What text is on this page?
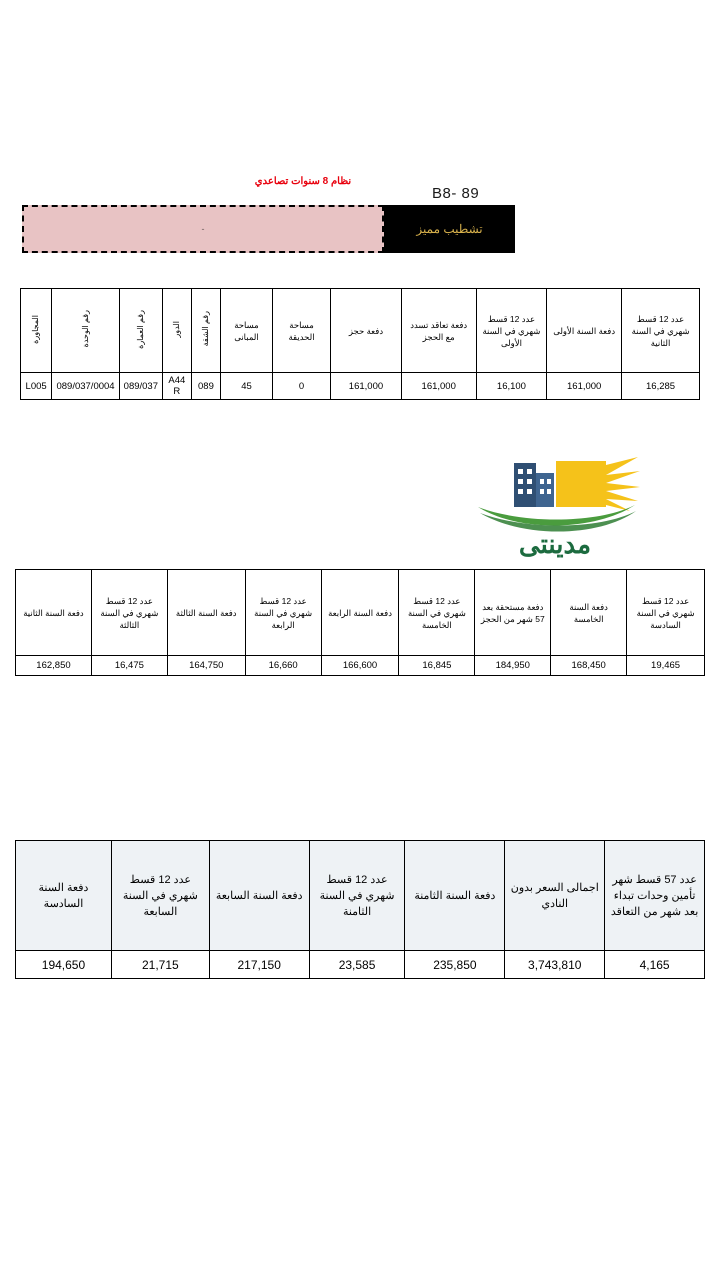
نظام 8 سنوات تصاعدي
B8- 89
-	تشطيب مميز
عدد 12 قسط شهري في السنة الثانية	دفعة السنة الأولى	عدد 12 قسط شهري في السنة الأولى	دفعة تعاقد تسدد مع الحجز	دفعة حجز	مساحة الحديقة	مساحة المبانى	رقم الشقة	الدور	رقم العمارة	رقم الوحدة	المجاورة
16,285	161,000	16,100	161,000	161,000	0	45	089	A44 R	089/037	089/037/0004	L005
مدينتى
عدد 12 قسط شهري في السنة السادسة	دفعة السنة الخامسة	دفعة مستحقة بعد 57 شهر من الحجز	عدد 12 قسط شهري في السنة الخامسة	دفعة السنة الرابعة	عدد 12 قسط شهري في السنة الرابعة	دفعة السنة الثالثة	عدد 12 قسط شهري في السنة الثالثة	دفعة السنة الثانية
19,465	168,450	184,950	16,845	166,600	16,660	164,750	16,475	162,850
عدد 57 قسط شهر تأمين وحدات تبداء بعد شهر من التعاقد	اجمالى السعر بدون النادي	دفعة السنة الثامنة	عدد 12 قسط شهري في السنة الثامنة	دفعة السنة السابعة	عدد 12 قسط شهري في السنة السابعة	دفعة السنة السادسة
4,165	3,743,810	235,850	23,585	217,150	21,715	194,650
